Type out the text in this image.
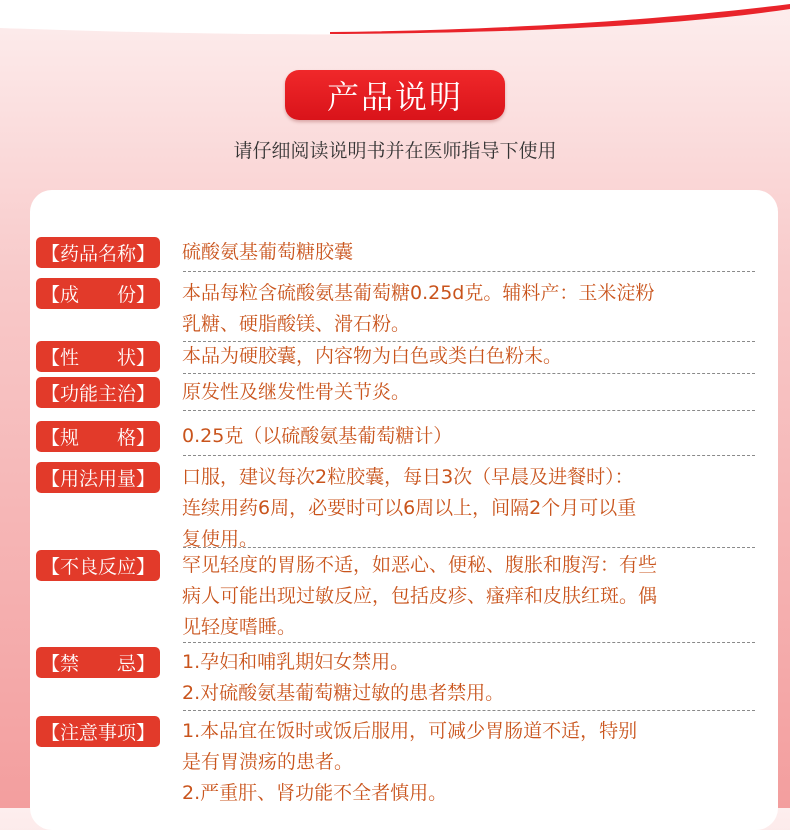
产品说明
请仔细阅读说明书并在医师指导下使用
【药品名称】 硫酸氨基葡萄糖胶囊
【成　　份】 本品每粒含硫酸氨基葡萄糖0.25d克。辅料产：玉米淀粉
乳糖、硬脂酸镁、滑石粉。
【性　　状】 本品为硬胶囊，内容物为白色或类白色粉末。
【功能主治】 原发性及继发性骨关节炎。
【规　　格】 0.25克（以硫酸氨基葡萄糖计）
【用法用量】 口服，建议每次2粒胶囊，每日3次（早晨及进餐时）：
连续用药6周，必要时可以6周以上，间隔2个月可以重
复使用。
【不良反应】 罕见轻度的胃肠不适，如恶心、便秘、腹胀和腹泻：有些
病人可能出现过敏反应，包括皮疹、瘙痒和皮肤红斑。偶
见轻度嗜睡。
【禁　　忌】 1.孕妇和哺乳期妇女禁用。
2.对硫酸氨基葡萄糖过敏的患者禁用。
【注意事项】 1.本品宜在饭时或饭后服用，可减少胃肠道不适，特别
是有胃溃疡的患者。
2.严重肝、肾功能不全者慎用。
